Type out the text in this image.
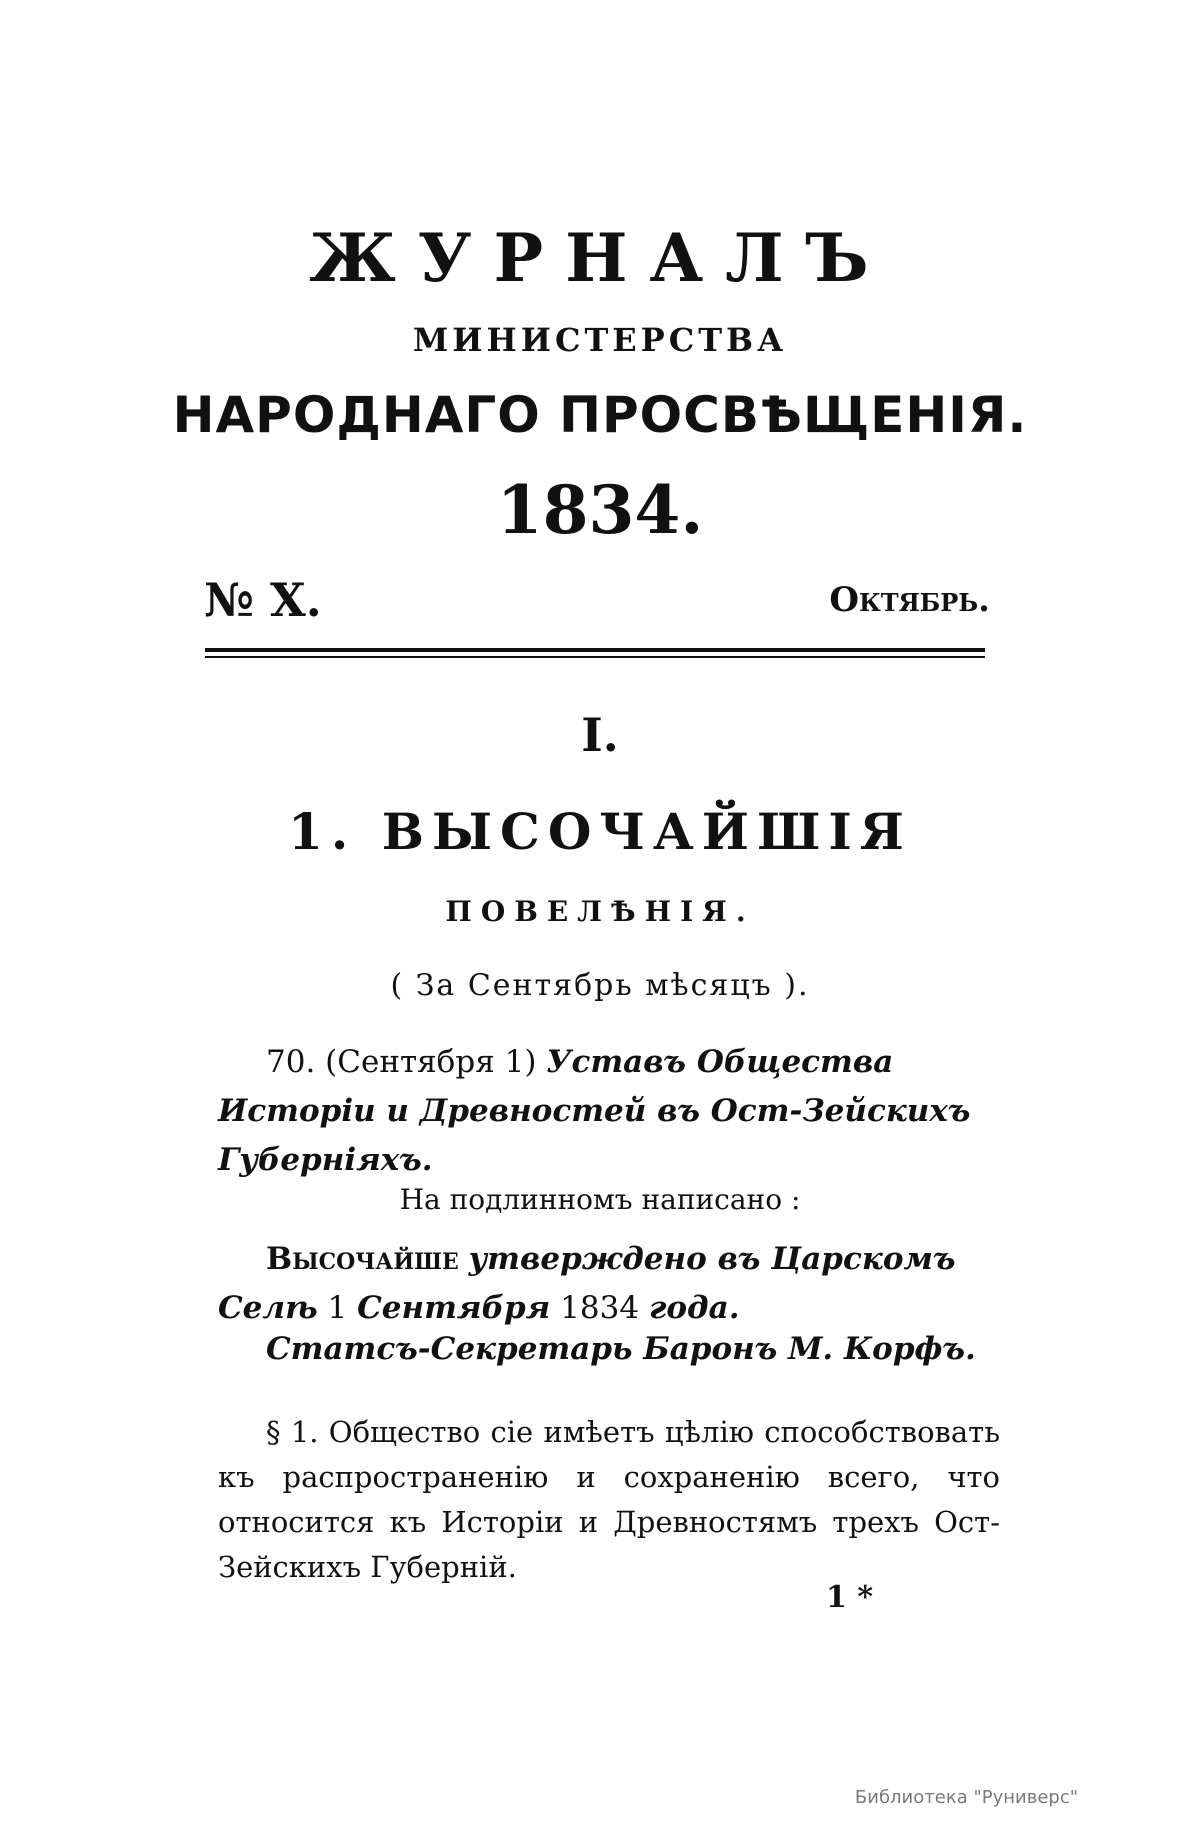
ЖУРНАЛЪ
МИНИСТЕРСТВА
НАРОДНАГО ПРОСВѢЩЕНІЯ.
1834.
№ X.	Октябрь.
I.
1. ВЫСОЧАЙШІЯ
ПОВЕЛѢНІЯ.
( За Сентябрь мѣсяцъ ).
70. (Сентября 1) Уставъ Общества Исторіи и Древностей въ Ост-Зейскихъ Губерніяхъ.
На подлинномъ написано :
Высочайше утверждено въ Царскомъ Селѣ 1 Сентября 1834 года.
Статсъ-Секретарь Баронъ М. Корфъ.
§ 1. Общество сіе имѣетъ цѣлію способствовать къ распространенію и сохраненію всего, что относится къ Исторіи и Древностямъ трехъ Ост-Зейскихъ Губерній.
1 *
Библиотека "Руниверс"
